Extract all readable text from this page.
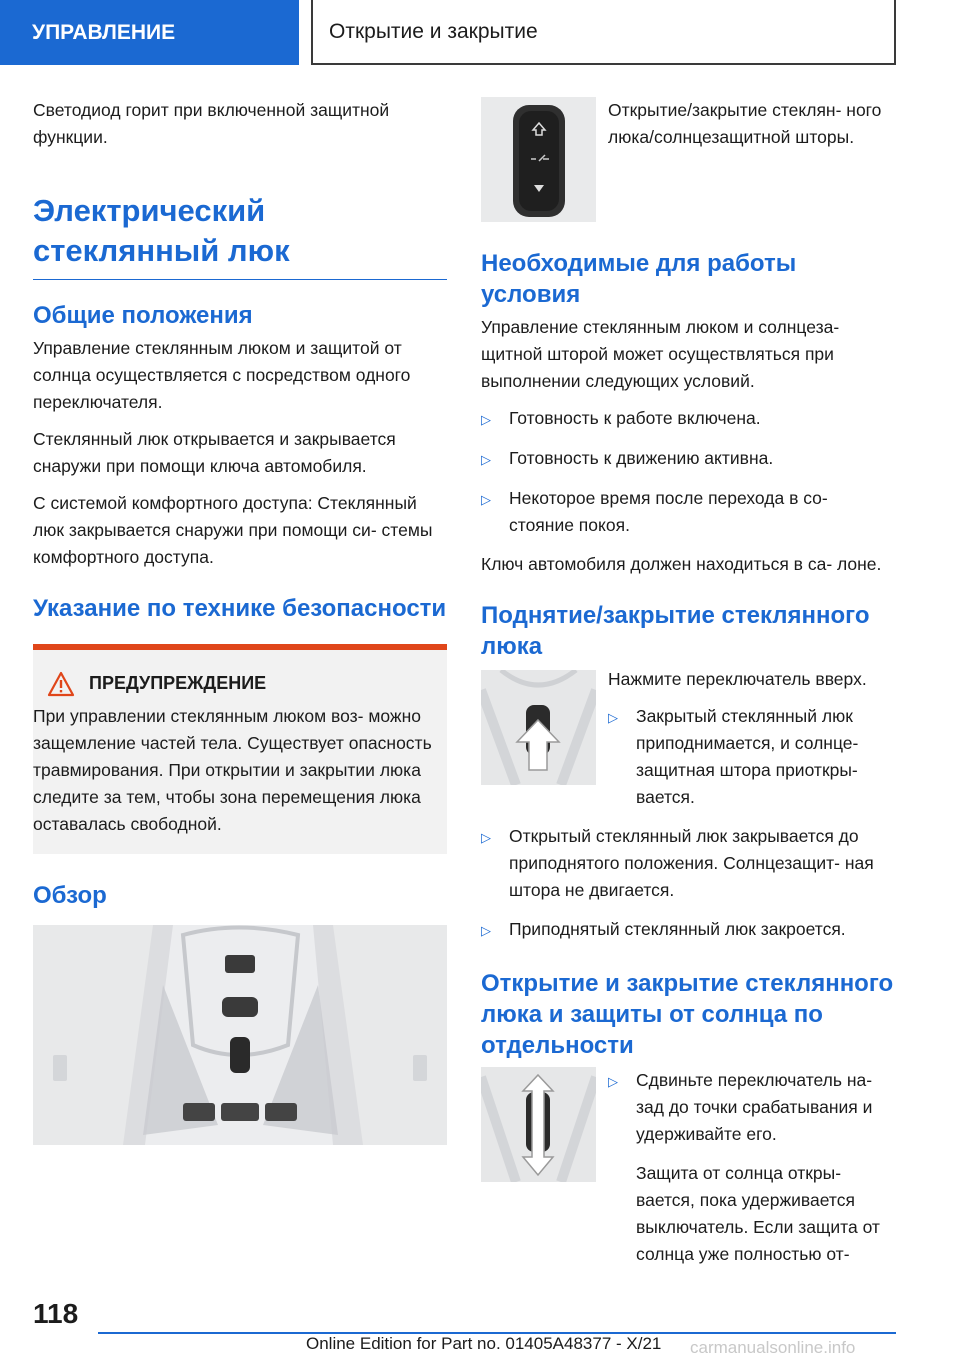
УПРАВЛЕНИЕ	Открытие и закрытие

Светодиод горит при включенной защитной функции.

Электрический стеклянный люк
Общие положения

Управление стеклянным люком и защитой от солнца осуществляется с посредством одного переключателя.

Стеклянный люк открывается и закрывается снаружи при помощи ключа автомобиля.

С системой комфортного доступа: Стеклянный люк закрывается снаружи при помощи си- стемы комфортного доступа.

Указание по технике безопасности
ПРЕДУПРЕЖДЕНИЕ
При управлении стеклянным люком воз- можно защемление частей тела. Существует опасность травмирования. При открытии и закрытии люка следите за тем, чтобы зона перемещения люка оставалась свободной.
Обзор
Открытие/закрытие стеклян- ного люка/солнцезащитной шторы.
Необходимые для работы условия

Управление стеклянным люком и солнцеза- щитной шторой может осуществляться при выполнении следующих условий.

▷	Готовность к работе включена.
▷	Готовность к движению активна.
▷	Некоторое время после перехода в со- стояние покоя.

Ключ автомобиля должен находиться в са- лоне.

Поднятие/закрытие стеклянного люка

Нажмите переключатель вверх.

▷	Закрытый стеклянный люк приподнимается, и солнце- защитная штора приоткры- вается.
▷	Открытый стеклянный люк закрывается до приподнятого положения. Солнцезащит- ная штора не двигается.
▷	Приподнятый стеклянный люк закроется.
Открытие и закрытие стеклянного люка и защиты от солнца по отдельности
▷	Сдвиньте переключатель на- зад до точки срабатывания и удерживайте его.

Защита от солнца откры- вается, пока удерживается выключатель. Если защита от солнца уже полностью от-

118
Online Edition for Part no. 01405A48377 - X/21 carmanualsonline.info
